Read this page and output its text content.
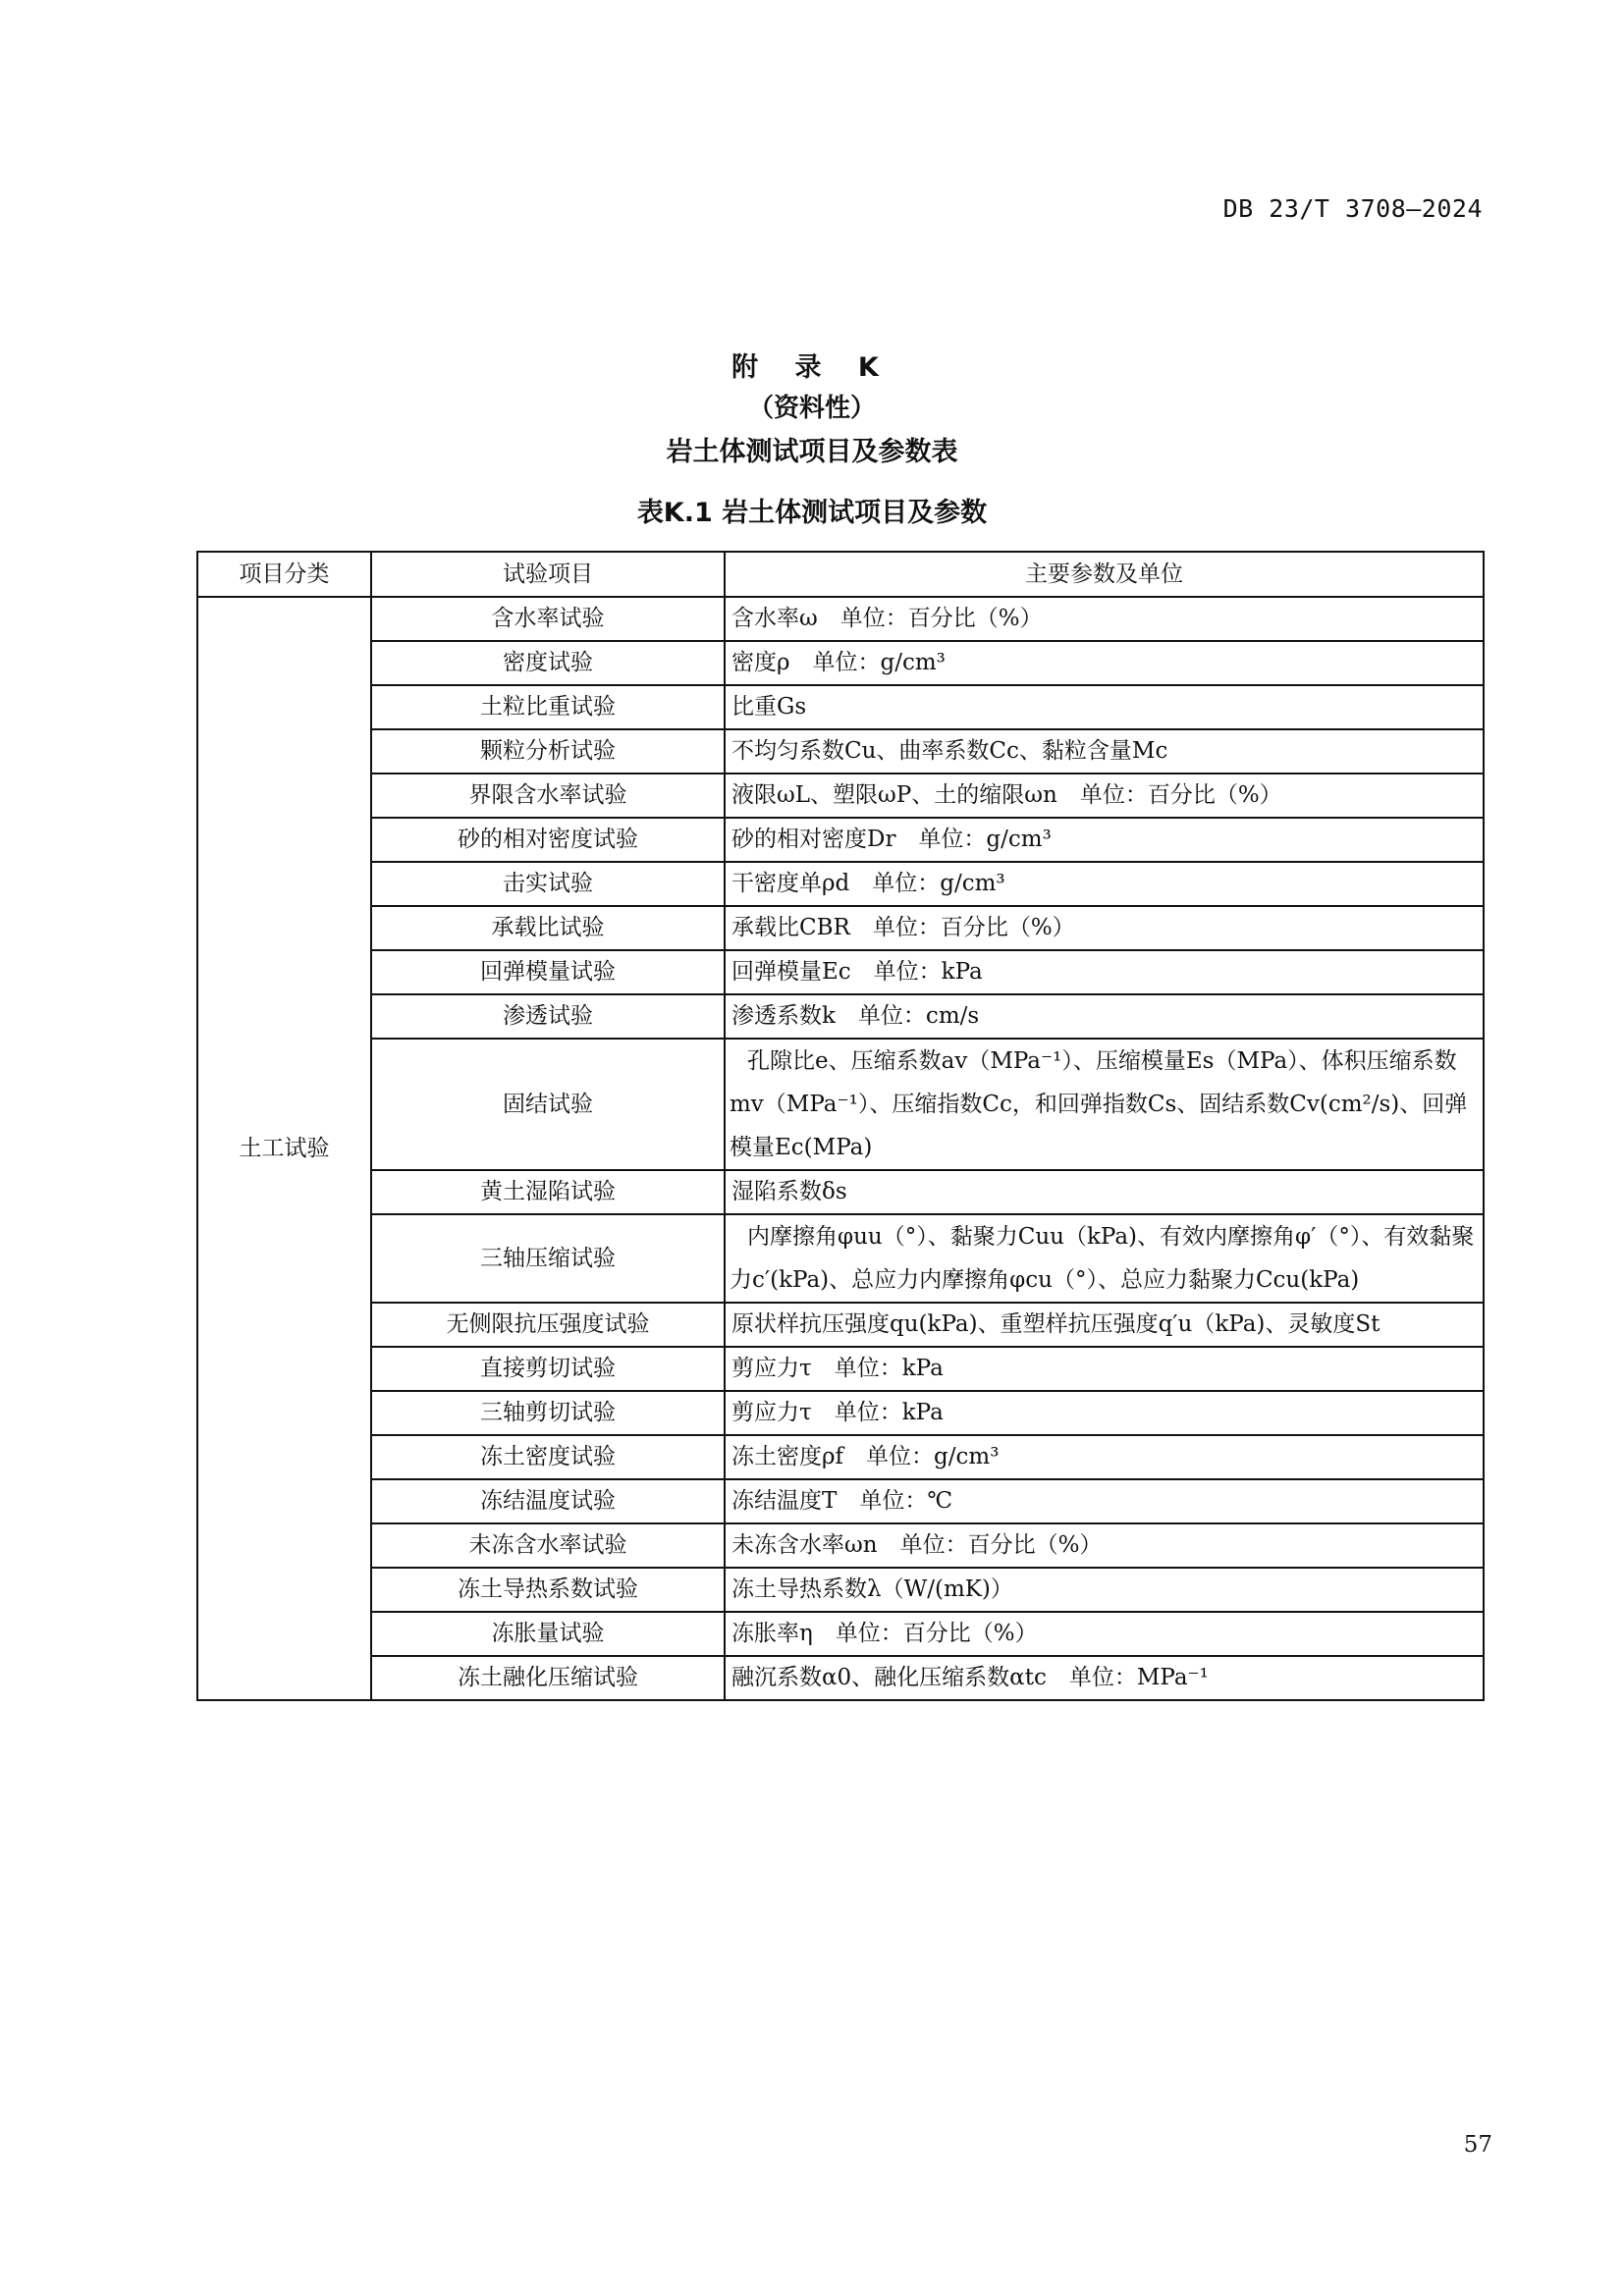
DB 23/T 3708—2024
附 录 K
（资料性）
岩土体测试项目及参数表
表K.1 岩土体测试项目及参数
项目分类	试验项目	主要参数及单位
土工试验	含水率试验	含水率ω　单位：百分比（%）
	密度试验	密度ρ　单位：g/cm³
	土粒比重试验	比重Gs
	颗粒分析试验	不均匀系数Cu、曲率系数Cc、黏粒含量Mc
	界限含水率试验	液限ωL、塑限ωP、土的缩限ωn　单位：百分比（%）
	砂的相对密度试验	砂的相对密度Dr　单位：g/cm³
	击实试验	干密度单ρd　单位：g/cm³
	承载比试验	承载比CBR　单位：百分比（%）
	回弹模量试验	回弹模量Ec　单位：kPa
	渗透试验	渗透系数k　单位：cm/s
	固结试验	孔隙比e、压缩系数av（MPa⁻¹）、压缩模量Es（MPa）、体积压缩系数mv（MPa⁻¹）、压缩指数Cc，和回弹指数Cs、固结系数Cv(cm²/s)、回弹模量Ec(MPa)
	黄土湿陷试验	湿陷系数δs
	三轴压缩试验	内摩擦角φuu（°）、黏聚力Cuu（kPa)、有效内摩擦角φ′（°）、有效黏聚力c′(kPa)、总应力内摩擦角φcu（°）、总应力黏聚力Ccu(kPa)
	无侧限抗压强度试验	原状样抗压强度qu(kPa)、重塑样抗压强度q′u（kPa)、灵敏度St
	直接剪切试验	剪应力τ　单位：kPa
	三轴剪切试验	剪应力τ　单位：kPa
	冻土密度试验	冻土密度ρf　单位：g/cm³
	冻结温度试验	冻结温度T　单位：℃
	未冻含水率试验	未冻含水率ωn　单位：百分比（%）
	冻土导热系数试验	冻土导热系数λ（W/(mK)）
	冻胀量试验	冻胀率η　单位：百分比（%）
	冻土融化压缩试验	融沉系数α0、融化压缩系数αtc　单位：MPa⁻¹
57
